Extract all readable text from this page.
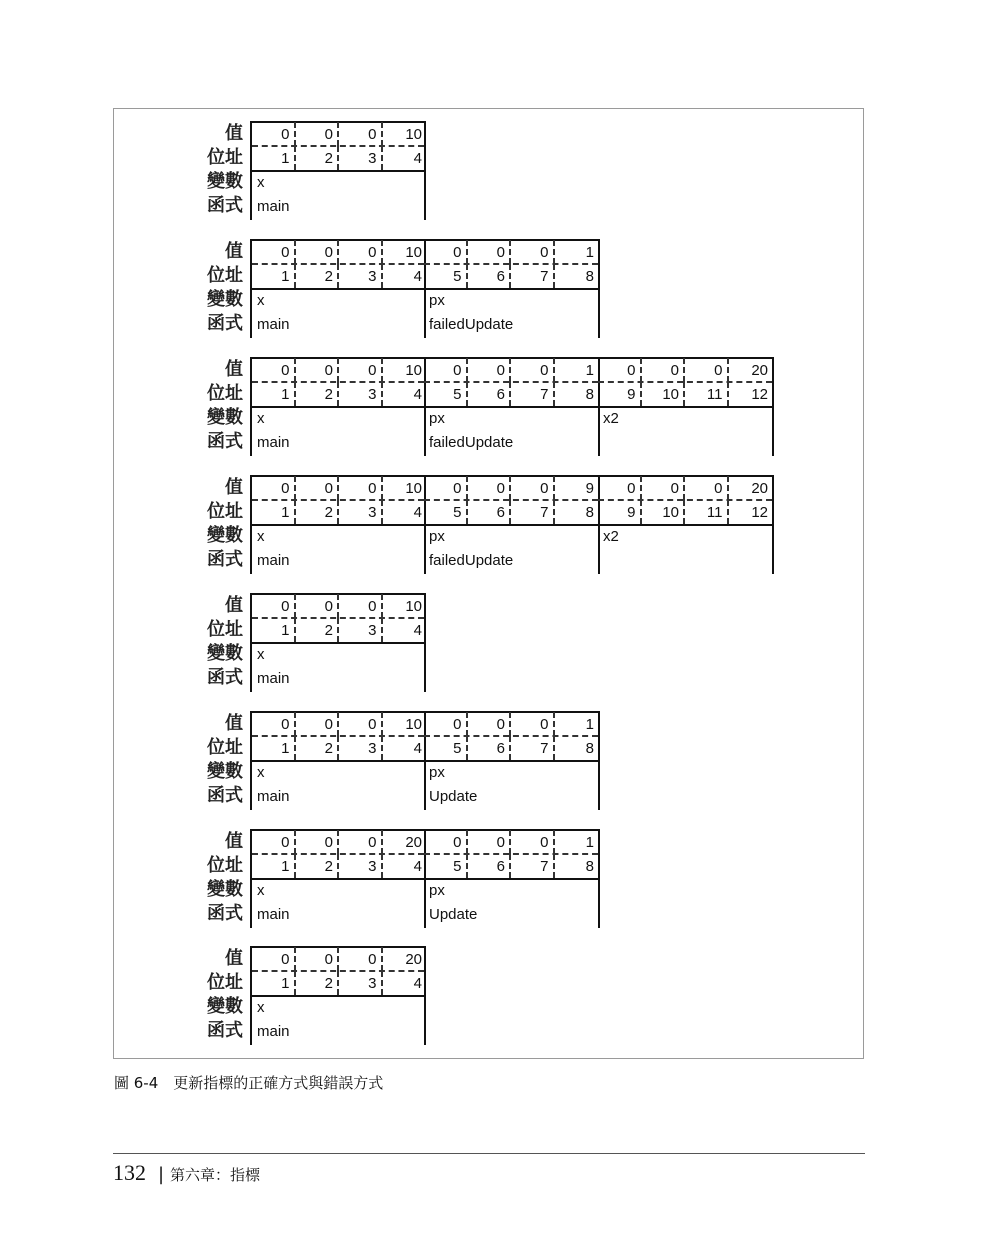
值
位址
變數
函式
0
1
0
2
0
3
10
4
x
main
值
位址
變數
函式
0
1
0
2
0
3
10
4
x
main
0
5
0
6
0
7
1
8
px
failedUpdate
值
位址
變數
函式
0
1
0
2
0
3
10
4
x
main
0
5
0
6
0
7
1
8
px
failedUpdate
0
9
0
10
0
11
20
12
x2
值
位址
變數
函式
0
1
0
2
0
3
10
4
x
main
0
5
0
6
0
7
9
8
px
failedUpdate
0
9
0
10
0
11
20
12
x2
值
位址
變數
函式
0
1
0
2
0
3
10
4
x
main
值
位址
變數
函式
0
1
0
2
0
3
10
4
x
main
0
5
0
6
0
7
1
8
px
Update
值
位址
變數
函式
0
1
0
2
0
3
20
4
x
main
0
5
0
6
0
7
1
8
px
Update
值
位址
變數
函式
0
1
0
2
0
3
20
4
x
main
圖 6-4　更新指標的正確方式與錯誤方式
132 | 第六章：指標
